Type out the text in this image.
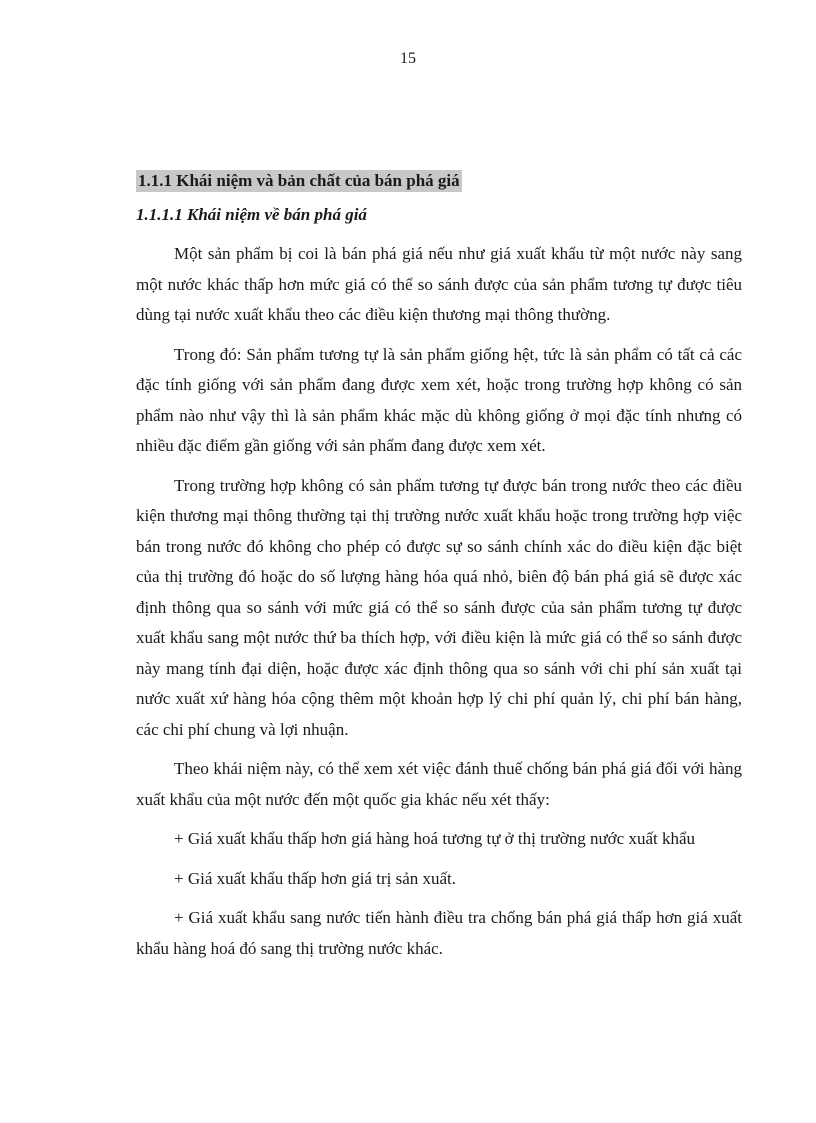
15
1.1.1 Khái niệm và bản chất của bán phá giá
1.1.1.1 Khái niệm về bán phá giá

Một sản phẩm bị coi là bán phá giá nếu như giá xuất khẩu từ một nước này sang một nước khác thấp hơn mức giá có thể so sánh được của sản phẩm tương tự được tiêu dùng tại nước xuất khẩu theo các điều kiện thương mại thông thường.

Trong đó: Sản phẩm tương tự là sản phẩm giống hệt, tức là sản phẩm có tất cả các đặc tính giống với sản phẩm đang được xem xét, hoặc trong trường hợp không có sản phẩm nào như vậy thì là sản phẩm khác mặc dù không giống ở mọi đặc tính nhưng có nhiều đặc điểm gần giống với sản phẩm đang được xem xét.

Trong trường hợp không có sản phẩm tương tự được bán trong nước theo các điều kiện thương mại thông thường tại thị trường nước xuất khẩu hoặc trong trường hợp việc bán trong nước đó không cho phép có được sự so sánh chính xác do điều kiện đặc biệt của thị trường đó hoặc do số lượng hàng hóa quá nhỏ, biên độ bán phá giá sẽ được xác định thông qua so sánh với mức giá có thể so sánh được của sản phẩm tương tự được xuất khẩu sang một nước thứ ba thích hợp, với điều kiện là mức giá có thể so sánh được này mang tính đại diện, hoặc được xác định thông qua so sánh với chi phí sản xuất tại nước xuất xứ hàng hóa cộng thêm một khoản hợp lý chi phí quản lý, chi phí bán hàng, các chi phí chung và lợi nhuận.

Theo khái niệm này, có thể xem xét việc đánh thuế chống bán phá giá đối với hàng xuất khẩu của một nước đến một quốc gia khác nếu xét thấy:

+ Giá xuất khẩu thấp hơn giá hàng hoá tương tự ở thị trường nước xuất khẩu

+ Giá xuất khẩu thấp hơn giá trị sản xuất.

+ Giá xuất khẩu sang nước tiến hành điều tra chống bán phá giá thấp hơn giá xuất khẩu hàng hoá đó sang thị trường nước khác.
